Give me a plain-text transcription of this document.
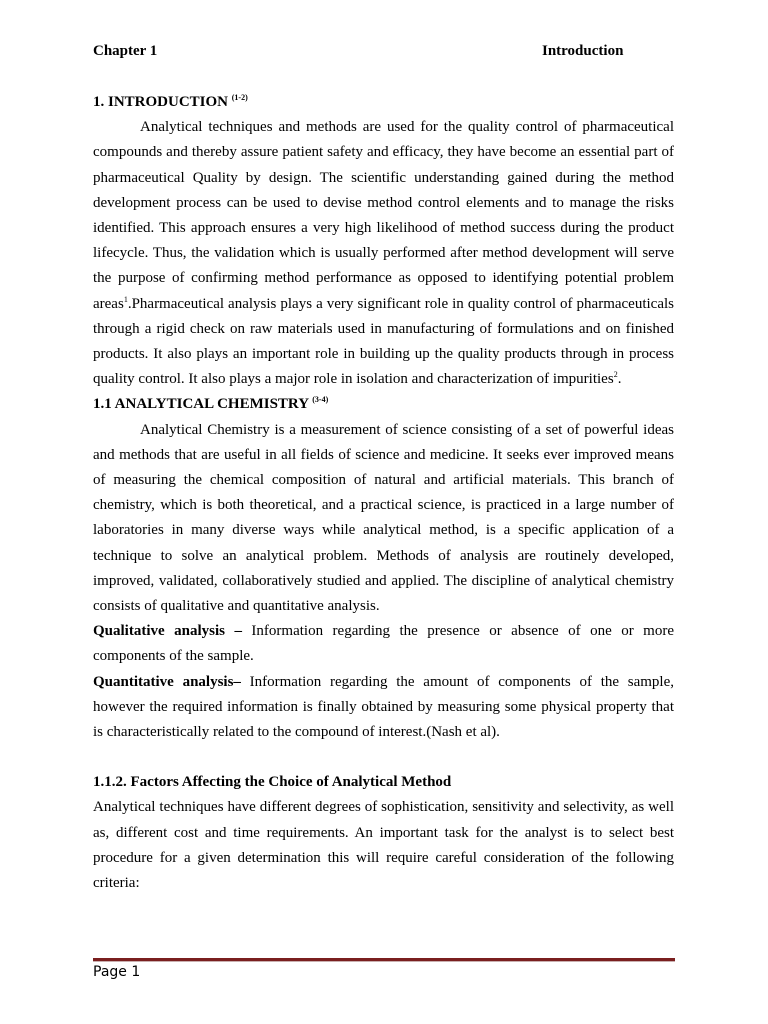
Chapter 1	Introduction

1. INTRODUCTION $^{(1-2)}$

Analytical techniques and methods are used for the quality control of pharmaceutical compounds and thereby assure patient safety and efficacy, they have become an essential part of pharmaceutical Quality by design. The scientific understanding gained during the method development process can be used to devise method control elements and to manage the risks identified. This approach ensures a very high likelihood of method success during the product lifecycle. Thus, the validation which is usually performed after method development will serve the purpose of confirming method performance as opposed to identifying potential problem areas$^1$.Pharmaceutical analysis plays a very significant role in quality control of pharmaceuticals through a rigid check on raw materials used in manufacturing of formulations and on finished products. It also plays an important role in building up the quality products through in process quality control. It also plays a major role in isolation and characterization of impurities$^2$.

1.1 ANALYTICAL CHEMISTRY $^{(3-4)}$

Analytical Chemistry is a measurement of science consisting of a set of powerful ideas and methods that are useful in all fields of science and medicine. It seeks ever improved means of measuring the chemical composition of natural and artificial materials. This branch of chemistry, which is both theoretical, and a practical science, is practiced in a large number of laboratories in many diverse ways while analytical method, is a specific application of a technique to solve an analytical problem. Methods of analysis are routinely developed, improved, validated, collaboratively studied and applied. The discipline of analytical chemistry consists of qualitative and quantitative analysis.

Qualitative analysis – Information regarding the presence or absence of one or more components of the sample.

Quantitative analysis– Information regarding the amount of components of the sample, however the required information is finally obtained by measuring some physical property that is characteristically related to the compound of interest.(Nash et al).

1.1.2. Factors Affecting the Choice of Analytical Method

Analytical techniques have different degrees of sophistication, sensitivity and selectivity, as well as, different cost and time requirements. An important task for the analyst is to select best procedure for a given determination this will require careful consideration of the following criteria:

Page 1
